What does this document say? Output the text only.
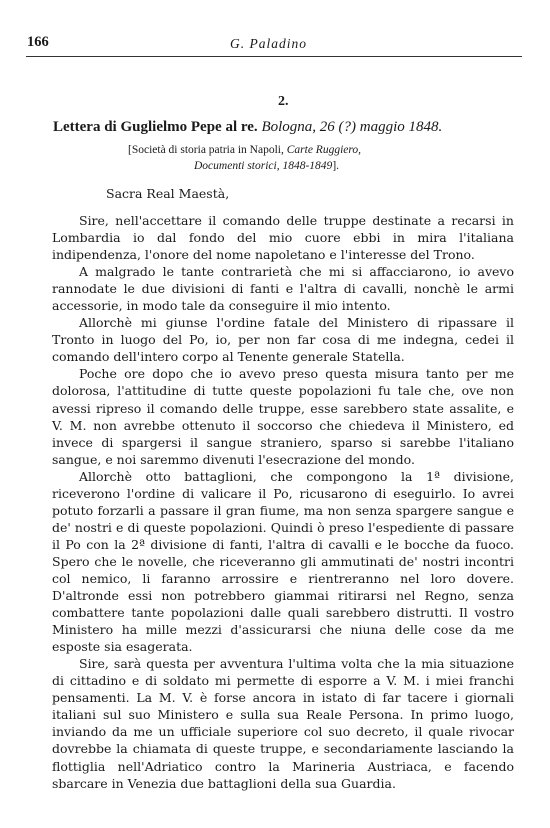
166	G. Paladino
2.
Lettera di Guglielmo Pepe al re. Bologna, 26 (?) maggio 1848.
[Società di storia patria in Napoli, Carte Ruggiero,
Documenti storici, 1848-1849].
Sacra Real Maestà,

Sire, nell'accettare il comando delle truppe destinate a recarsi in Lombardia io dal fondo del mio cuore ebbi in mira l'italiana indipendenza, l'onore del nome napoletano e l'interesse del Trono.

A malgrado le tante contrarietà che mi si affacciarono, io avevo rannodate le due divisioni di fanti e l'altra di cavalli, nonchè le armi accessorie, in modo tale da conseguire il mio intento.

Allorchè mi giunse l'ordine fatale del Ministero di ripassare il Tronto in luogo del Po, io, per non far cosa di me indegna, cedei il comando dell'intero corpo al Tenente generale Statella.

Poche ore dopo che io avevo preso questa misura tanto per me dolorosa, l'attitudine di tutte queste popolazioni fu tale che, ove non avessi ripreso il comando delle truppe, esse sarebbero state assalite, e V. M. non avrebbe ottenuto il soccorso che chiedeva il Ministero, ed invece di spargersi il sangue straniero, sparso si sarebbe l'italiano sangue, e noi saremmo divenuti l'esecrazione del mondo.

Allorchè otto battaglioni, che compongono la 1ª divisione, riceverono l'ordine di valicare il Po, ricusarono di eseguirlo. Io avrei potuto forzarli a passare il gran fiume, ma non senza spargere sangue e de' nostri e di queste popolazioni. Quindi ò preso l'espediente di passare il Po con la 2ª divisione di fanti, l'altra di cavalli e le bocche da fuoco. Spero che le novelle, che riceveranno gli ammutinati de' nostri incontri col nemico, li faranno arrossire e rientreranno nel loro dovere. D'altronde essi non potrebbero giammai ritirarsi nel Regno, senza combattere tante popolazioni dalle quali sarebbero distrutti. Il vostro Ministero ha mille mezzi d'assicurarsi che niuna delle cose da me esposte sia esagerata.

Sire, sarà questa per avventura l'ultima volta che la mia situazione di cittadino e di soldato mi permette di esporre a V. M. i miei franchi pensamenti. La M. V. è forse ancora in istato di far tacere i giornali italiani sul suo Ministero e sulla sua Reale Persona. In primo luogo, inviando da me un ufficiale superiore col suo decreto, il quale rivocar dovrebbe la chiamata di queste truppe, e secondariamente lasciando la flottiglia nell'Adriatico contro la Marineria Austriaca, e facendo sbarcare in Venezia due battaglioni della sua Guardia.
